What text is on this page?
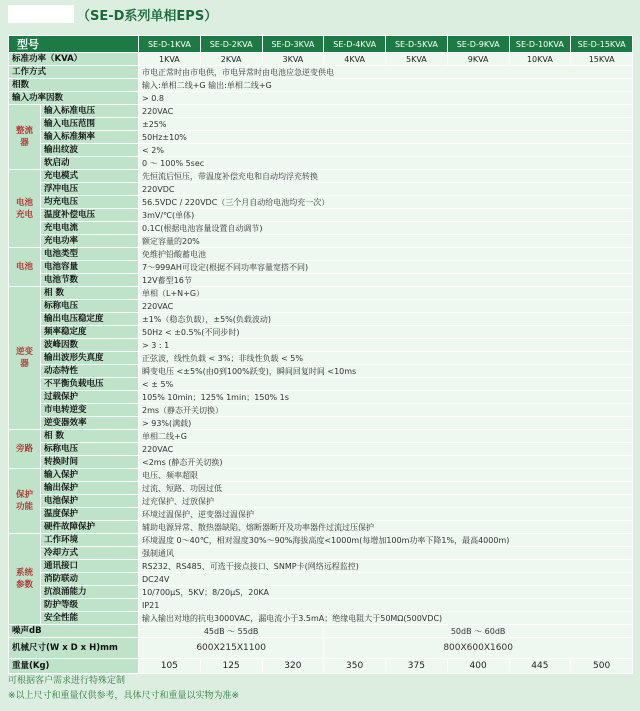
（SE-D系列单相EPS）
型号		SE-D-1KVA	SE-D-2KVA	SE-D-3KVA	SE-D-4KVA	SE-D-5KVA	SE-D-9KVA	SE-D-10KVA	SE-D-15KVA
标准功率（KVA）		1KVA	2KVA	3KVA	4KVA	5KVA	9KVA	10KVA	15KVA
工作方式		市电正常时由市电供，市电异常时由电池应急逆变供电							
相数		输入:单相二线+G 输出:单相二线+G							
输入功率因数		> 0.8							
整流器	输入标准电压	220VAC							
	输入电压范围	±25%							
	输入标准频率	50Hz±10%							
	输出纹波	< 2%							
	软启动	0 ～ 100% 5sec							
电池充电	充电模式	先恒流后恒压，带温度补偿充电和自动均浮充转换							
	浮冲电压	220VDC							
	均充电压	56.5VDC / 220VDC（三个月自动给电池均充一次）							
	温度补偿电压	3mV/℃(单体)							
	充电电流	0.1C(根据电池容量设置自动调节)							
	充电功率	额定容量的20%							
电池	电池类型	免维护铅酸蓄电池							
	电池容量	7～999AH可设定(根据不同功率容量宽搭不同)							
	电池节数	12V蓄型16节							
逆变器	相 数	单相（L+N+G）							
	标称电压	220VAC							
	输出电压稳定度	±1%（稳态负载），±5%(负载波动)							
	频率稳定度	50Hz < ±0.5%(不同步时)							
	波峰因数	> 3 : 1							
	输出波形失真度	正弦波，线性负载 < 3%；非线性负载 < 5%							
	动态特性	瞬变电压 <±5%(由0到100%跃变)，瞬间回复时间 <10ms							
	不平衡负载电压	< ± 5%							
	过载保护	105% 10min；125% 1min；150% 1s							
	市电转逆变	2ms（静态开关切换）							
	逆变器效率	> 93%(满载)							
旁路	相 数	单相二线+G							
	标称电压	220VAC							
	转换时间	<2ms (静态开关切换)							
保护功能	输入保护	电压、频率超限							
	输出保护	过流、短路、功因过低							
	电池保护	过充保护、过放保护							
	温度保护	环境过温保护、逆变器过温保护							
	硬件故障保护	辅助电源异常、散热器缺陷、熔断器断开及功率器件过流过压保护							
系统参数	工作环境	环境温度 0～40℃，相对湿度30%～90%海拔高度<1000m(每增加100m功率下降1%，最高4000m)							
	冷却方式	强制通风							
	通讯接口	RS232、RS485、可选干接点接口、SNMP卡(网络远程监控)							
	消防联动	DC24V							
	抗浪涌能力	10/700μS，5KV；8/20μS，20KA							
	防护等级	IP21							
	安全性能	输入输出对地的抗电3000VAC，漏电流小于3.5mA；绝缘电阻大于50MΩ(500VDC)							
噪声dB		45dB ～ 55dB			50dB ～ 60dB				
机械尺寸(W x D x H)mm		600X215X1100			800X600X1600				
重量(Kg)		105	125	320	350	375	400	445	500
可根据客户需求进行特殊定制
※以上尺寸和重量仅供参考，具体尺寸和重量以实物为准※
